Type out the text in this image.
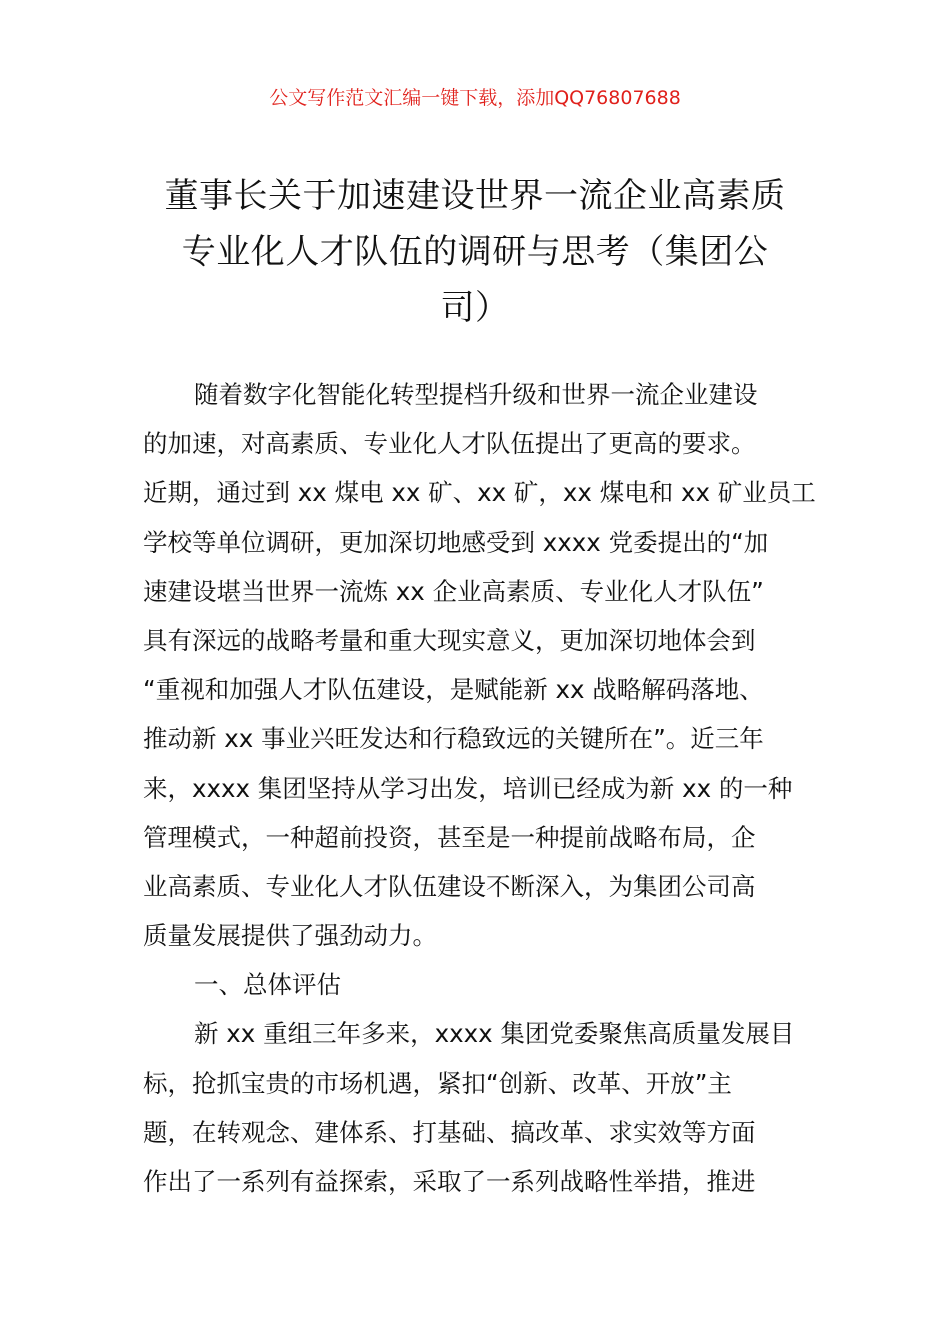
公文写作范文汇编一键下载，添加QQ76807688
董事长关于加速建设世界一流企业高素质
专业化人才队伍的调研与思考（集团公
司）
随着数字化智能化转型提档升级和世界一流企业建设
的加速，对高素质、专业化人才队伍提出了更高的要求。
近期，通过到 xx 煤电 xx 矿、xx 矿，xx 煤电和 xx 矿业员工
学校等单位调研，更加深切地感受到 xxxx 党委提出的“加
速建设堪当世界一流炼 xx 企业高素质、专业化人才队伍”
具有深远的战略考量和重大现实意义，更加深切地体会到
“重视和加强人才队伍建设，是赋能新 xx 战略解码落地、
推动新 xx 事业兴旺发达和行稳致远的关键所在”。近三年
来，xxxx 集团坚持从学习出发，培训已经成为新 xx 的一种
管理模式，一种超前投资，甚至是一种提前战略布局，企
业高素质、专业化人才队伍建设不断深入，为集团公司高
质量发展提供了强劲动力。
一、总体评估
新 xx 重组三年多来，xxxx 集团党委聚焦高质量发展目
标，抢抓宝贵的市场机遇，紧扣“创新、改革、开放”主
题，在转观念、建体系、打基础、搞改革、求实效等方面
作出了一系列有益探索，采取了一系列战略性举措，推进
